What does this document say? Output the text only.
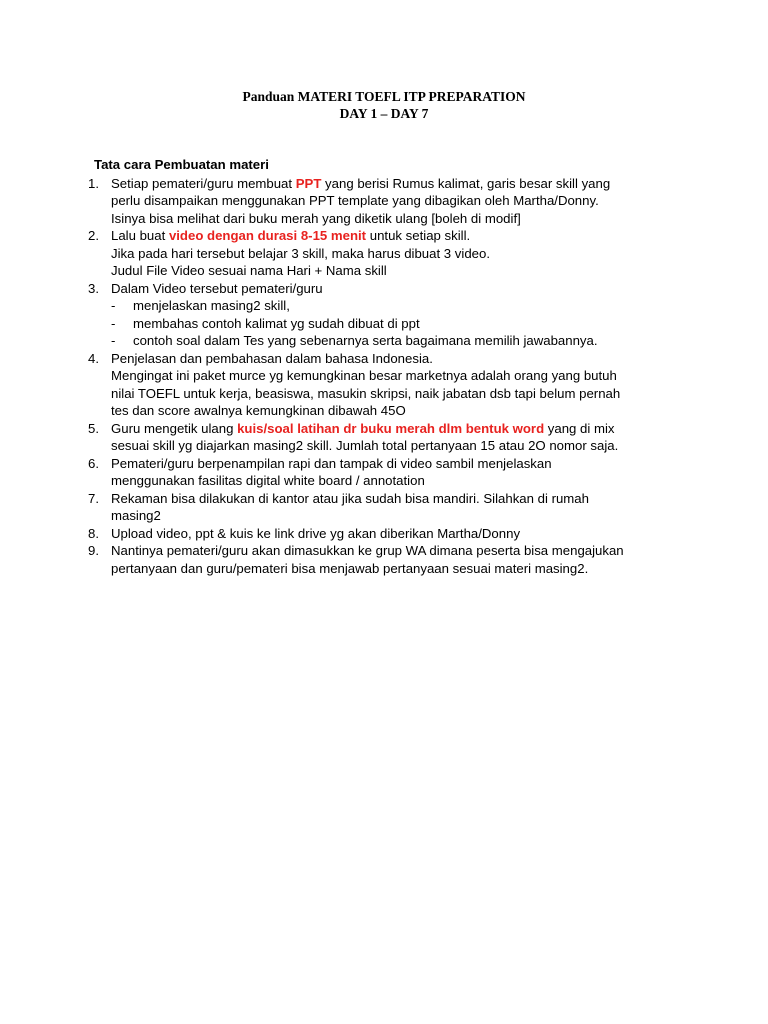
Panduan MATERI TOEFL ITP PREPARATION
DAY 1 – DAY 7
Tata cara Pembuatan materi
1. Setiap pemateri/guru membuat PPT yang berisi Rumus kalimat, garis besar skill yang
perlu disampaikan menggunakan PPT template yang dibagikan oleh Martha/Donny.
Isinya bisa melihat dari buku merah yang diketik ulang [boleh di modif]
2. Lalu buat video dengan durasi 8-15 menit untuk setiap skill.
Jika pada hari tersebut belajar 3 skill, maka harus dibuat 3 video.
Judul File Video sesuai nama Hari + Nama skill
3. Dalam Video tersebut pemateri/guru
- menjelaskan masing2 skill,
- membahas contoh kalimat yg sudah dibuat di ppt
- contoh soal dalam Tes yang sebenarnya serta bagaimana memilih jawabannya.
4. Penjelasan dan pembahasan dalam bahasa Indonesia.
Mengingat ini paket murce yg kemungkinan besar marketnya adalah orang yang butuh
nilai TOEFL untuk kerja, beasiswa, masukin skripsi, naik jabatan dsb tapi belum pernah
tes dan score awalnya kemungkinan dibawah 45O
5. Guru mengetik ulang kuis/soal latihan dr buku merah dlm bentuk word yang di mix
sesuai skill yg diajarkan masing2 skill. Jumlah total pertanyaan 15 atau 2O nomor saja.
6. Pemateri/guru berpenampilan rapi dan tampak di video sambil menjelaskan
menggunakan fasilitas digital white board / annotation
7. Rekaman bisa dilakukan di kantor atau jika sudah bisa mandiri. Silahkan di rumah
masing2
8. Upload video, ppt & kuis ke link drive yg akan diberikan Martha/Donny
9. Nantinya pemateri/guru akan dimasukkan ke grup WA dimana peserta bisa mengajukan
pertanyaan dan guru/pemateri bisa menjawab pertanyaan sesuai materi masing2.
